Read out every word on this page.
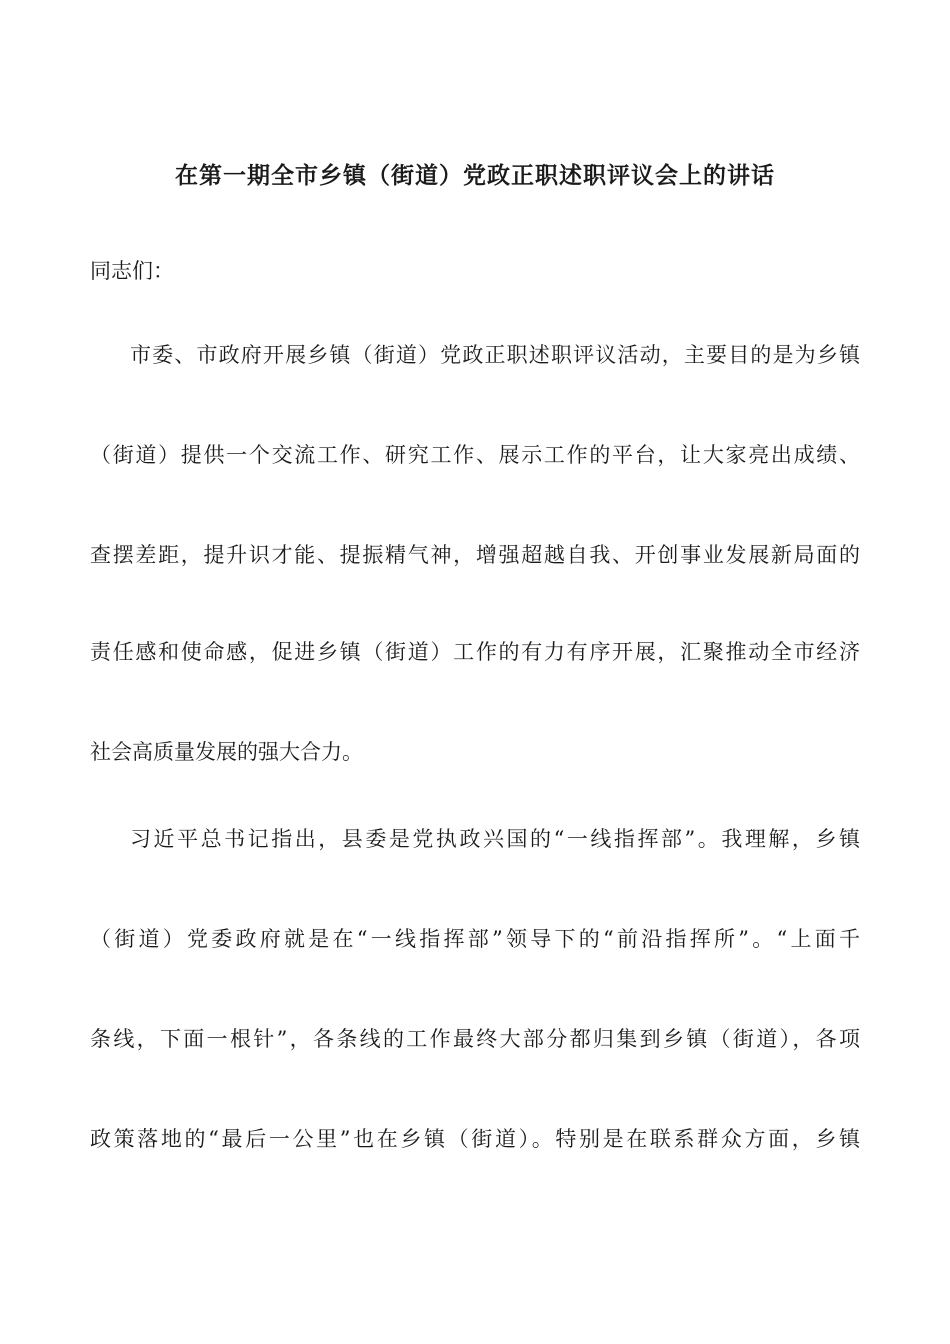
在第一期全市乡镇（街道）党政正职述职评议会上的讲话
同志们：
市委、市政府开展乡镇（街道）党政正职述职评议活动，主要目的是为乡镇
（街道）提供一个交流工作、研究工作、展示工作的平台，让大家亮出成绩、
查摆差距，提升识才能、提振精气神，增强超越自我、开创事业发展新局面的
责任感和使命感，促进乡镇（街道）工作的有力有序开展，汇聚推动全市经济
社会高质量发展的强大合力。
习近平总书记指出，县委是党执政兴国的“一线指挥部”。我理解，乡镇
（街道）党委政府就是在“一线指挥部”领导下的“前沿指挥所”。“上面千
条线，下面一根针”，各条线的工作最终大部分都归集到乡镇（街道），各项
政策落地的“最后一公里”也在乡镇（街道）。特别是在联系群众方面，乡镇
